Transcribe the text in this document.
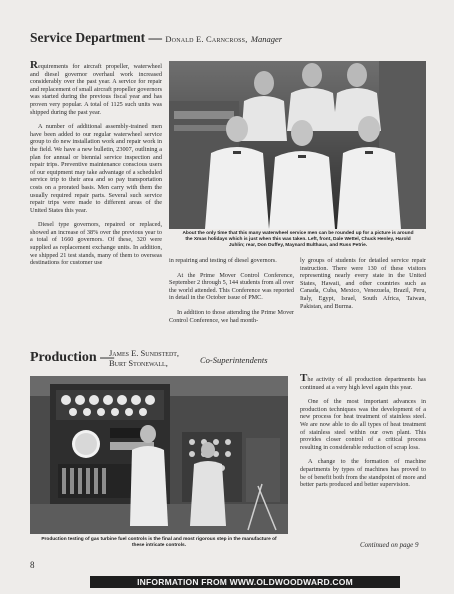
Service Department — Donald E. Carncross, Manager

Requirements for aircraft propeller, waterwheel and diesel governor overhaul work increased considerably over the past year. A service for repair and replacement of small aircraft propeller governors was started during the previous fiscal year and has proven very popular. A total of 1125 such units was shipped during the past year.

A number of additional assembly-trained men have been added to our regular waterwheel service group to do new installation work and repair work in the field. We have a new bulletin, 23007, outlining a plan for annual or biennial service inspection and repair trips. Preventive maintenance conscious users of our equipment may take advantage of a scheduled service trip to their area and so pay transportation costs on a prorated basis. Men carry with them the usually required repair parts. Several such service repair trips were made to different areas of the United States this year.

Diesel type governors, repaired or replaced, showed an increase of 38% over the previous year to a total of 1660 governors. Of these, 320 were supplied as replacement exchange units. In addition, we shipped 21 test stands, many of them to overseas destinations for customer use

About the only time that this many waterwheel service men can be rounded up for a picture is around the Xmas holidays which is just when this was taken. Left, front, Dale Wettel, Chuck Henley, Harold Juhlin; rear, Don Duffey, Maynard Bulthaus, and Russ Petrie.

in repairing and testing of diesel governors.

At the Prime Mover Control Conference, September 2 through 5, 144 students from all over the world attended. This Conference was reported in detail in the October issue of PMC.

In addition to those attending the Prime Mover Control Conference, we had month-

ly groups of students for detailed service repair instruction. There were 130 of these visitors representing nearly every state in the United States, Hawaii, and other countries such as Canada, Cuba, Mexico, Venezuela, Brazil, Peru, Italy, Egypt, Israel, South Africa, Taiwan, Pakistan, and Burma.

Production —
James E. Sundstedt,
Burt Stonewall,	Co-Superintendents
Production testing of gas turbine fuel controls is the final and most rigorous step in the manufacture of these intricate controls.

The activity of all production departments has continued at a very high level again this year.

One of the most important advances in production techniques was the development of a new process for heat treatment of stainless steel. We are now able to do all types of heat treatment of stainless steel within our own plant. This provides closer control of a critical process resulting in considerable reduction of scrap loss.

A change to the formation of machine departments by types of machines has proved to be of benefit both from the standpoint of more and better parts produced and better supervision.

Continued on page 9
8
INFORMATION FROM WWW.OLDWOODWARD.COM
